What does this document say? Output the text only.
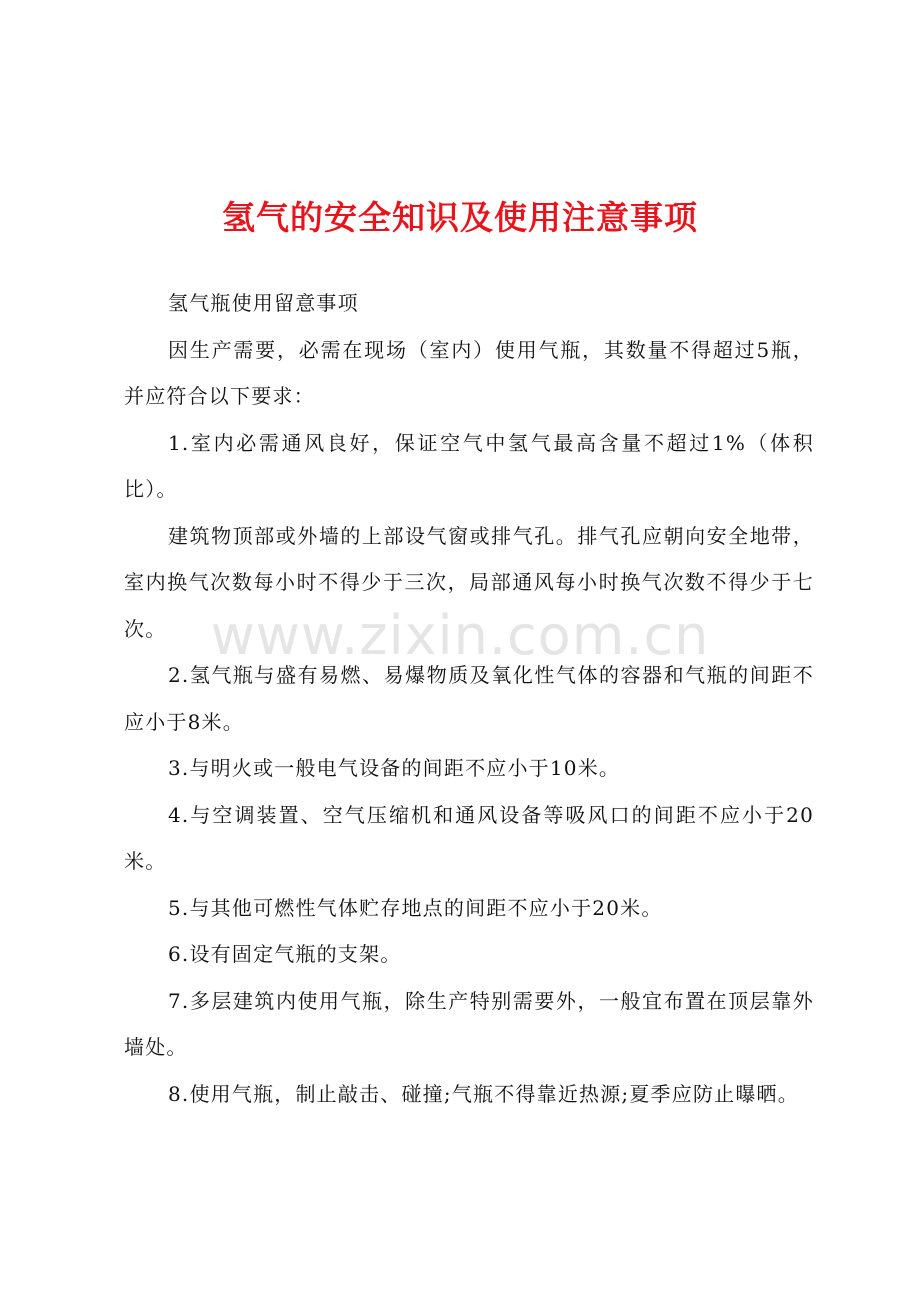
氢气的安全知识及使用注意事项

氢气瓶使用留意事项

因生产需要，必需在现场（室内）使用气瓶，其数量不得超过5瓶，并应符合以下要求：

1.室内必需通风良好，保证空气中氢气最高含量不超过1%（体积比）。

建筑物顶部或外墙的上部设气窗或排气孔。排气孔应朝向安全地带，室内换气次数每小时不得少于三次，局部通风每小时换气次数不得少于七次。

2.氢气瓶与盛有易燃、易爆物质及氧化性气体的容器和气瓶的间距不应小于8米。

3.与明火或一般电气设备的间距不应小于10米。

4.与空调装置、空气压缩机和通风设备等吸风口的间距不应小于20米。

5.与其他可燃性气体贮存地点的间距不应小于20米。

6.设有固定气瓶的支架。

7.多层建筑内使用气瓶，除生产特别需要外，一般宜布置在顶层靠外墙处。

8.使用气瓶，制止敲击、碰撞;气瓶不得靠近热源;夏季应防止曝晒。

www.zixin.com.cn
